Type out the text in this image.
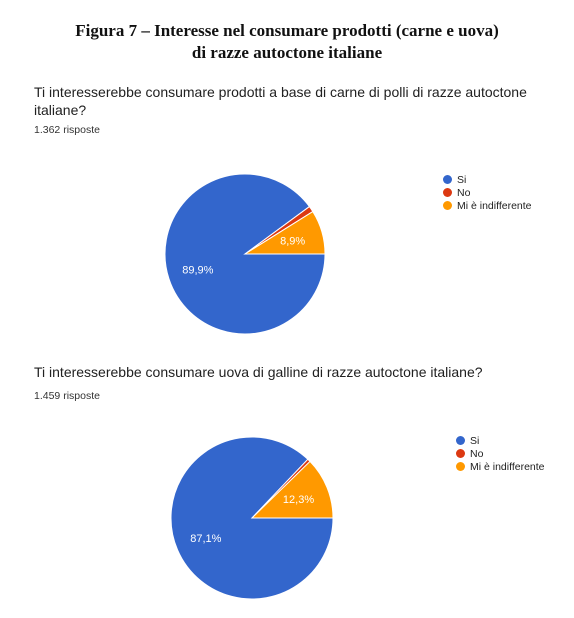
Figura 7 – Interesse nel consumare prodotti (carne e uova)
di razze autoctone italiane
Ti interesserebbe consumare prodotti a base di carne di polli di razze autoctone
italiane?
1.362 risposte
89,9%
8,9%
Si
No
Mi è indifferente
Ti interesserebbe consumare uova di galline di razze autoctone italiane?
1.459 risposte
87,1%
12,3%
Si
No
Mi è indifferente
